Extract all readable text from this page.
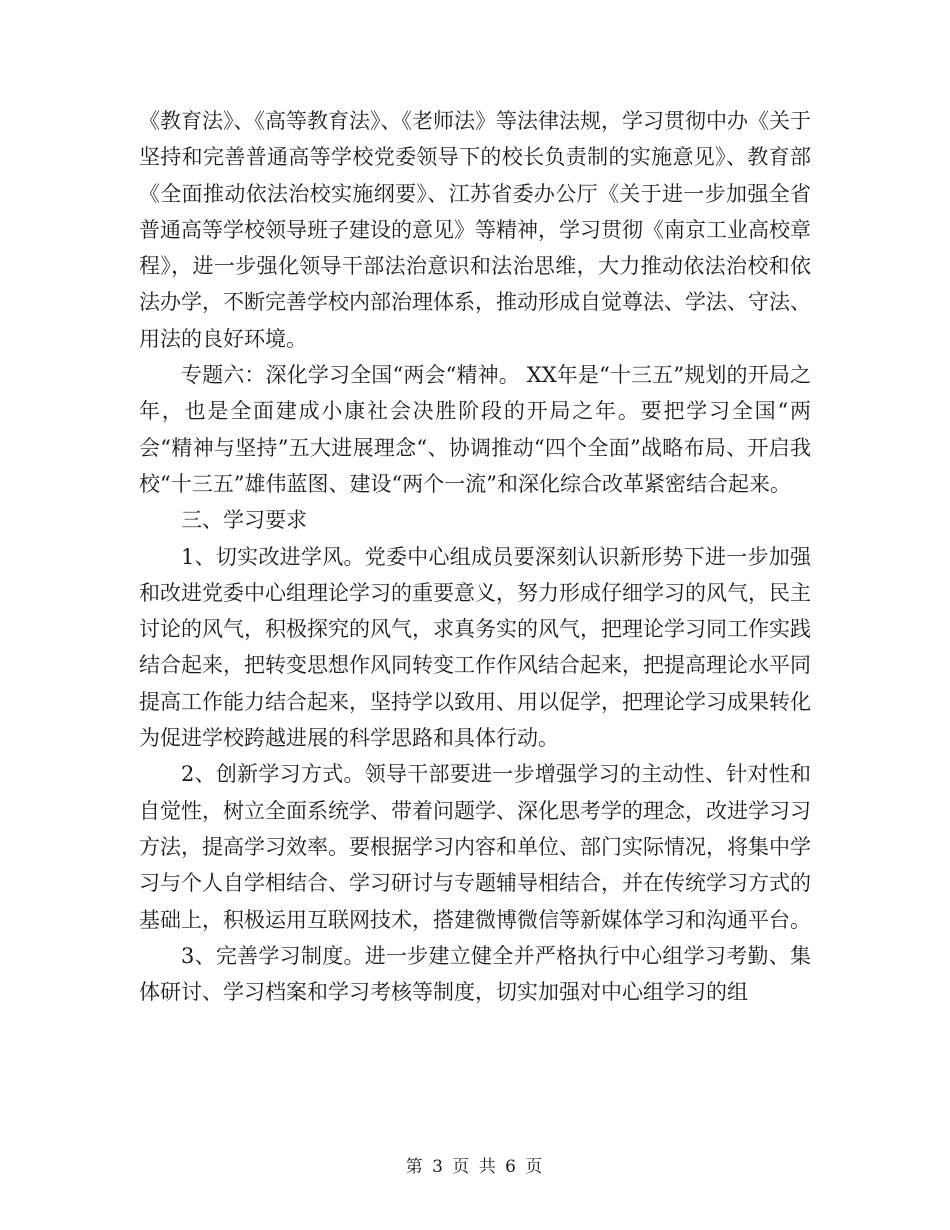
《教育法》、《高等教育法》、《老师法》等法律法规，学习贯彻中办《关于坚持和完善普通高等学校党委领导下的校长负责制的实施意见》、教育部《全面推动依法治校实施纲要》、江苏省委办公厅《关于进一步加强全省普通高等学校领导班子建设的意见》等精神，学习贯彻《南京工业高校章程》，进一步强化领导干部法治意识和法治思维，大力推动依法治校和依法办学，不断完善学校内部治理体系，推动形成自觉尊法、学法、守法、用法的良好环境。

专题六：深化学习全国“两会“精神。 XX年是“十三五”规划的开局之年，也是全面建成小康社会决胜阶段的开局之年。要把学习全国“两会“精神与坚持”五大进展理念“、协调推动“四个全面”战略布局、开启我校“十三五”雄伟蓝图、建设“两个一流”和深化综合改革紧密结合起来。

三、学习要求

1、切实改进学风。党委中心组成员要深刻认识新形势下进一步加强和改进党委中心组理论学习的重要意义，努力形成仔细学习的风气，民主讨论的风气，积极探究的风气，求真务实的风气，把理论学习同工作实践结合起来，把转变思想作风同转变工作作风结合起来，把提高理论水平同提高工作能力结合起来，坚持学以致用、用以促学，把理论学习成果转化为促进学校跨越进展的科学思路和具体行动。

2、创新学习方式。领导干部要进一步增强学习的主动性、针对性和自觉性，树立全面系统学、带着问题学、深化思考学的理念，改进学习习方法，提高学习效率。要根据学习内容和单位、部门实际情况，将集中学习与个人自学相结合、学习研讨与专题辅导相结合，并在传统学习方式的基础上，积极运用互联网技术，搭建微博微信等新媒体学习和沟通平台。

3、完善学习制度。进一步建立健全并严格执行中心组学习考勤、集体研讨、学习档案和学习考核等制度，切实加强对中心组学习的组

第 3 页 共 6 页
